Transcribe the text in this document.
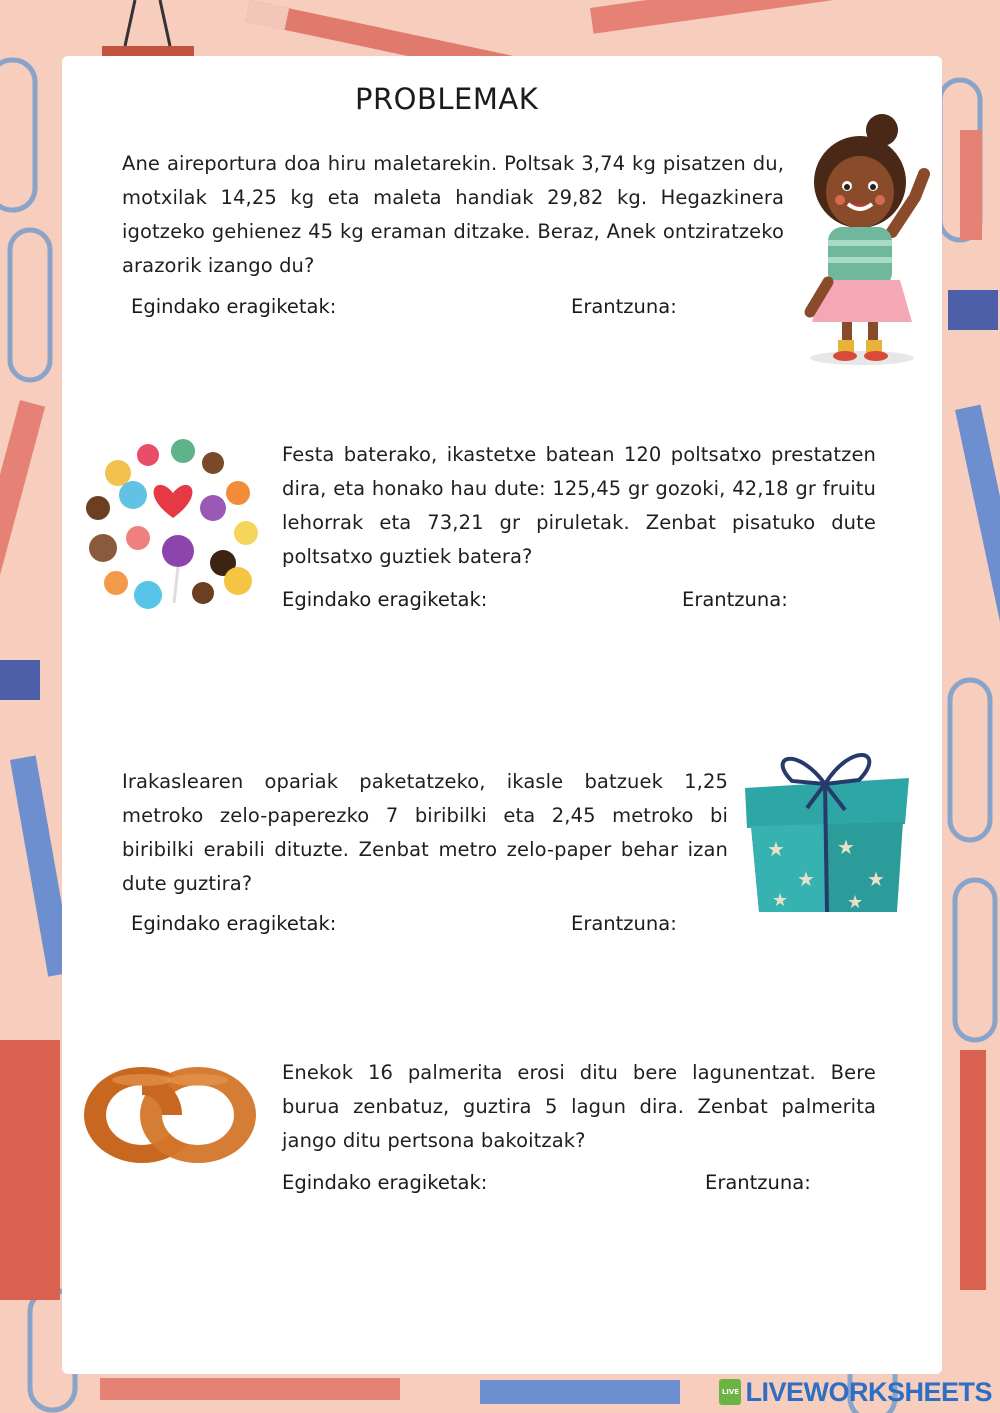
PROBLEMAK

Ane aireportura doa hiru maletarekin. Poltsak 3,74 kg pisatzen du, motxilak 14,25 kg eta maleta handiak 29,82 kg. Hegazkinera igotzeko gehienez 45 kg eraman ditzake. Beraz, Anek ontziratzeko arazorik izango du?

Egindako eragiketak:	Erantzuna:

Festa baterako, ikastetxe batean 120 poltsatxo prestatzen dira, eta honako hau dute: 125,45 gr gozoki, 42,18 gr fruitu lehorrak eta 73,21 gr piruletak. Zenbat pisatuko dute poltsatxo guztiek batera?

Egindako eragiketak:	Erantzuna:

Irakaslearen opariak paketatzeko, ikasle batzuek 1,25 metroko zelo-paperezko 7 biribilki eta 2,45 metroko bi biribilki erabili dituzte. Zenbat metro zelo-paper behar izan dute guztira?

Egindako eragiketak:	Erantzuna:
★
★
★
★
★	★

Enekok 16 palmerita erosi ditu bere lagunentzat. Bere burua zenbatuz, guztira 5 lagun dira. Zenbat palmerita jango ditu pertsona bakoitzak?

Egindako eragiketak:	Erantzuna:
LIVE LIVEWORKSHEETS
